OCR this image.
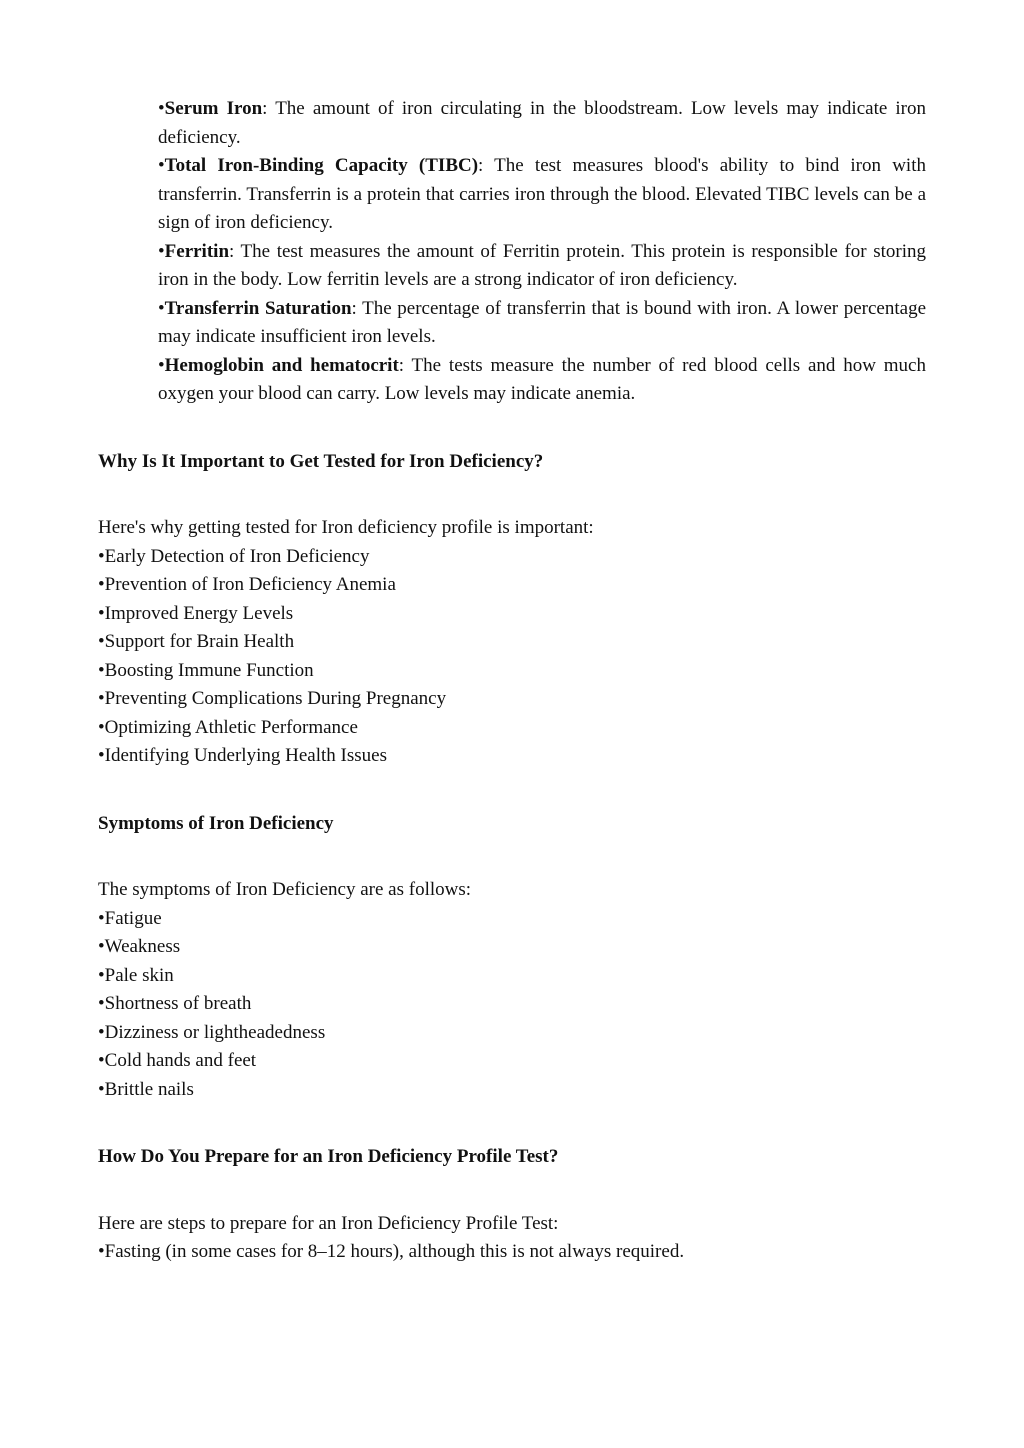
•Serum Iron: The amount of iron circulating in the bloodstream. Low levels may indicate iron deficiency.

•Total Iron-Binding Capacity (TIBC): The test measures blood's ability to bind iron with transferrin. Transferrin is a protein that carries iron through the blood. Elevated TIBC levels can be a sign of iron deficiency.

•Ferritin: The test measures the amount of Ferritin protein. This protein is responsible for storing iron in the body. Low ferritin levels are a strong indicator of iron deficiency.

•Transferrin Saturation: The percentage of transferrin that is bound with iron. A lower percentage may indicate insufficient iron levels.

•Hemoglobin and hematocrit: The tests measure the number of red blood cells and how much oxygen your blood can carry. Low levels may indicate anemia.

Why Is It Important to Get Tested for Iron Deficiency?

Here's why getting tested for Iron deficiency profile is important:

•Early Detection of Iron Deficiency
•Prevention of Iron Deficiency Anemia
•Improved Energy Levels
•Support for Brain Health
•Boosting Immune Function
•Preventing Complications During Pregnancy
•Optimizing Athletic Performance
•Identifying Underlying Health Issues
Symptoms of Iron Deficiency

The symptoms of Iron Deficiency are as follows:

•Fatigue
•Weakness
•Pale skin
•Shortness of breath
•Dizziness or lightheadedness
•Cold hands and feet
•Brittle nails
How Do You Prepare for an Iron Deficiency Profile Test?

Here are steps to prepare for an Iron Deficiency Profile Test:

•Fasting (in some cases for 8–12 hours), although this is not always required.
